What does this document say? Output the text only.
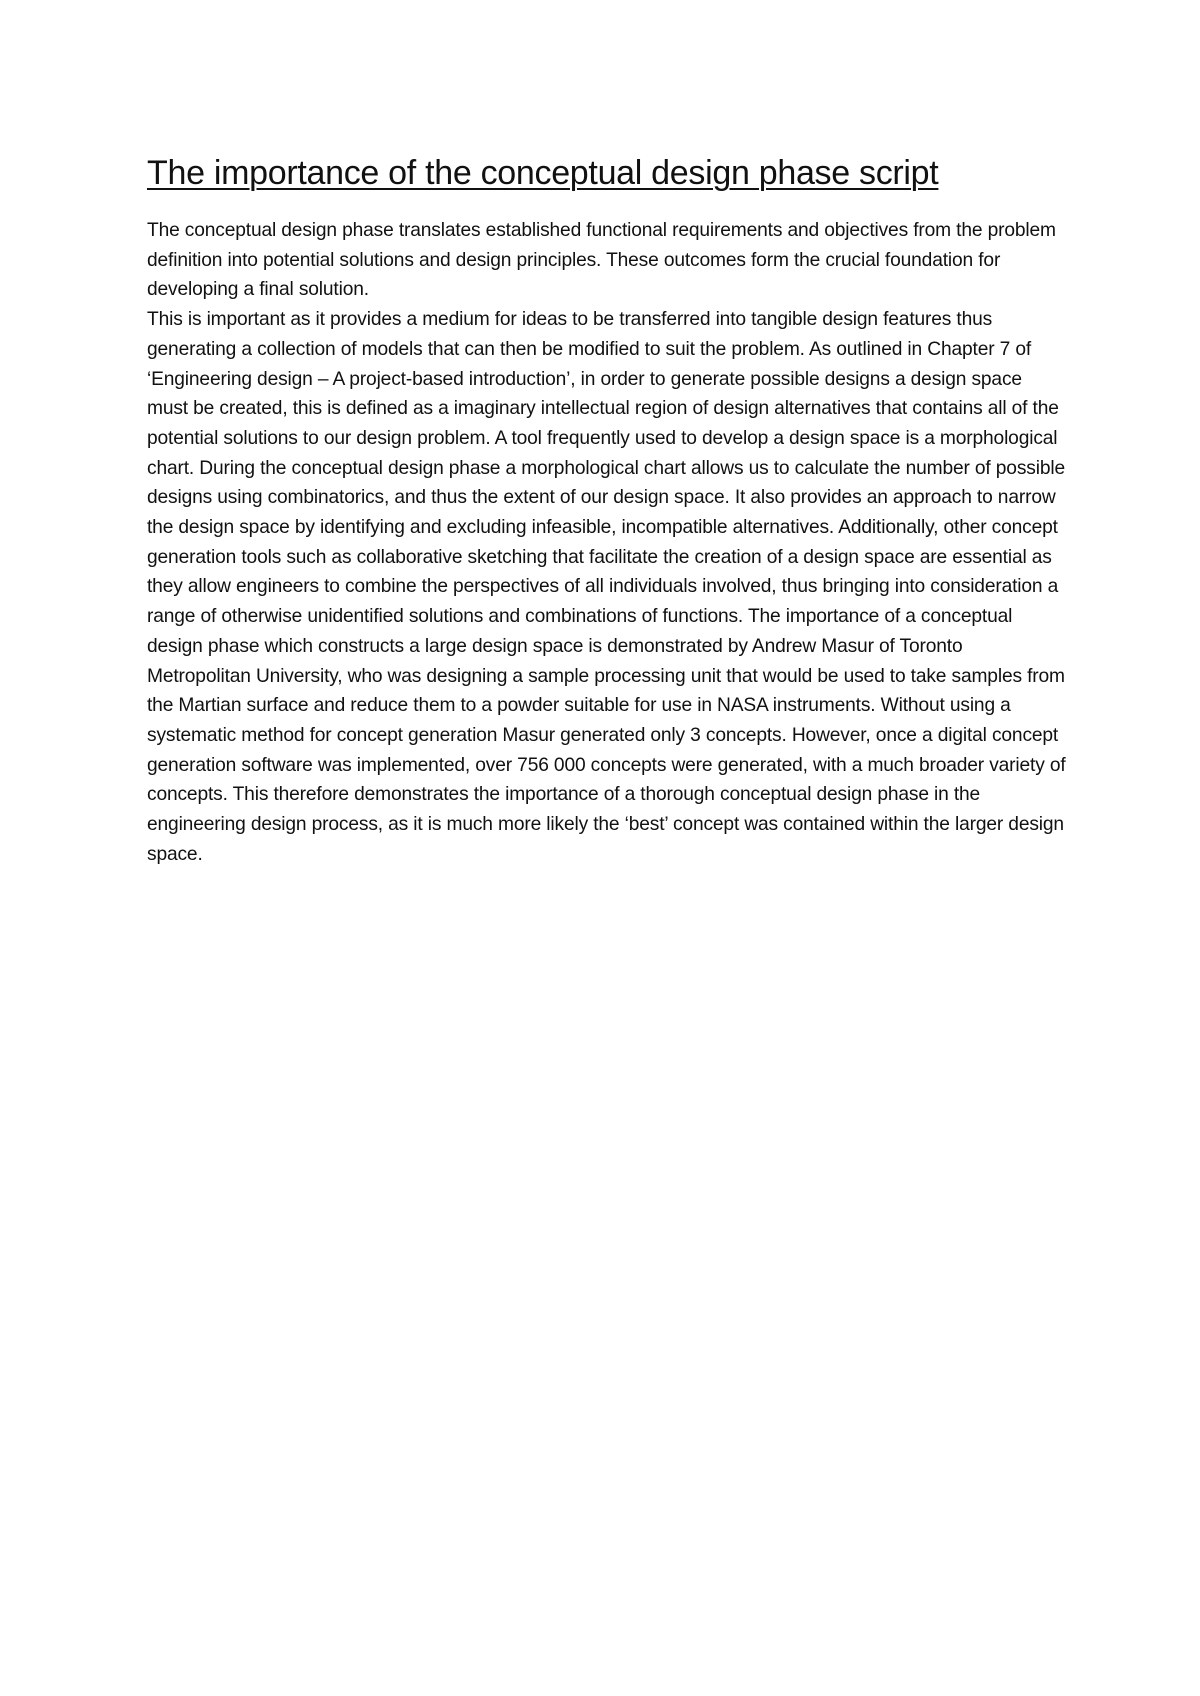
The importance of the conceptual design phase script

The conceptual design phase translates established functional requirements and objectives from the problem definition into potential solutions and design principles. These outcomes form the crucial foundation for developing a final solution.

This is important as it provides a medium for ideas to be transferred into tangible design features thus generating a collection of models that can then be modified to suit the problem. As outlined in Chapter 7 of ‘Engineering design – A project-based introduction’, in order to generate possible designs a design space must be created, this is defined as a imaginary intellectual region of design alternatives that contains all of the potential solutions to our design problem. A tool frequently used to develop a design space is a morphological chart. During the conceptual design phase a morphological chart allows us to calculate the number of possible designs using combinatorics, and thus the extent of our design space. It also provides an approach to narrow the design space by identifying and excluding infeasible, incompatible alternatives. Additionally, other concept generation tools such as collaborative sketching that facilitate the creation of a design space are essential as they allow engineers to combine the perspectives of all individuals involved, thus bringing into consideration a range of otherwise unidentified solutions and combinations of functions. The importance of a conceptual design phase which constructs a large design space is demonstrated by Andrew Masur of Toronto Metropolitan University, who was designing a sample processing unit that would be used to take samples from the Martian surface and reduce them to a powder suitable for use in NASA instruments. Without using a systematic method for concept generation Masur generated only 3 concepts. However, once a digital concept generation software was implemented, over 756 000 concepts were generated, with a much broader variety of concepts. This therefore demonstrates the importance of a thorough conceptual design phase in the engineering design process, as it is much more likely the ‘best’ concept was contained within the larger design space.
